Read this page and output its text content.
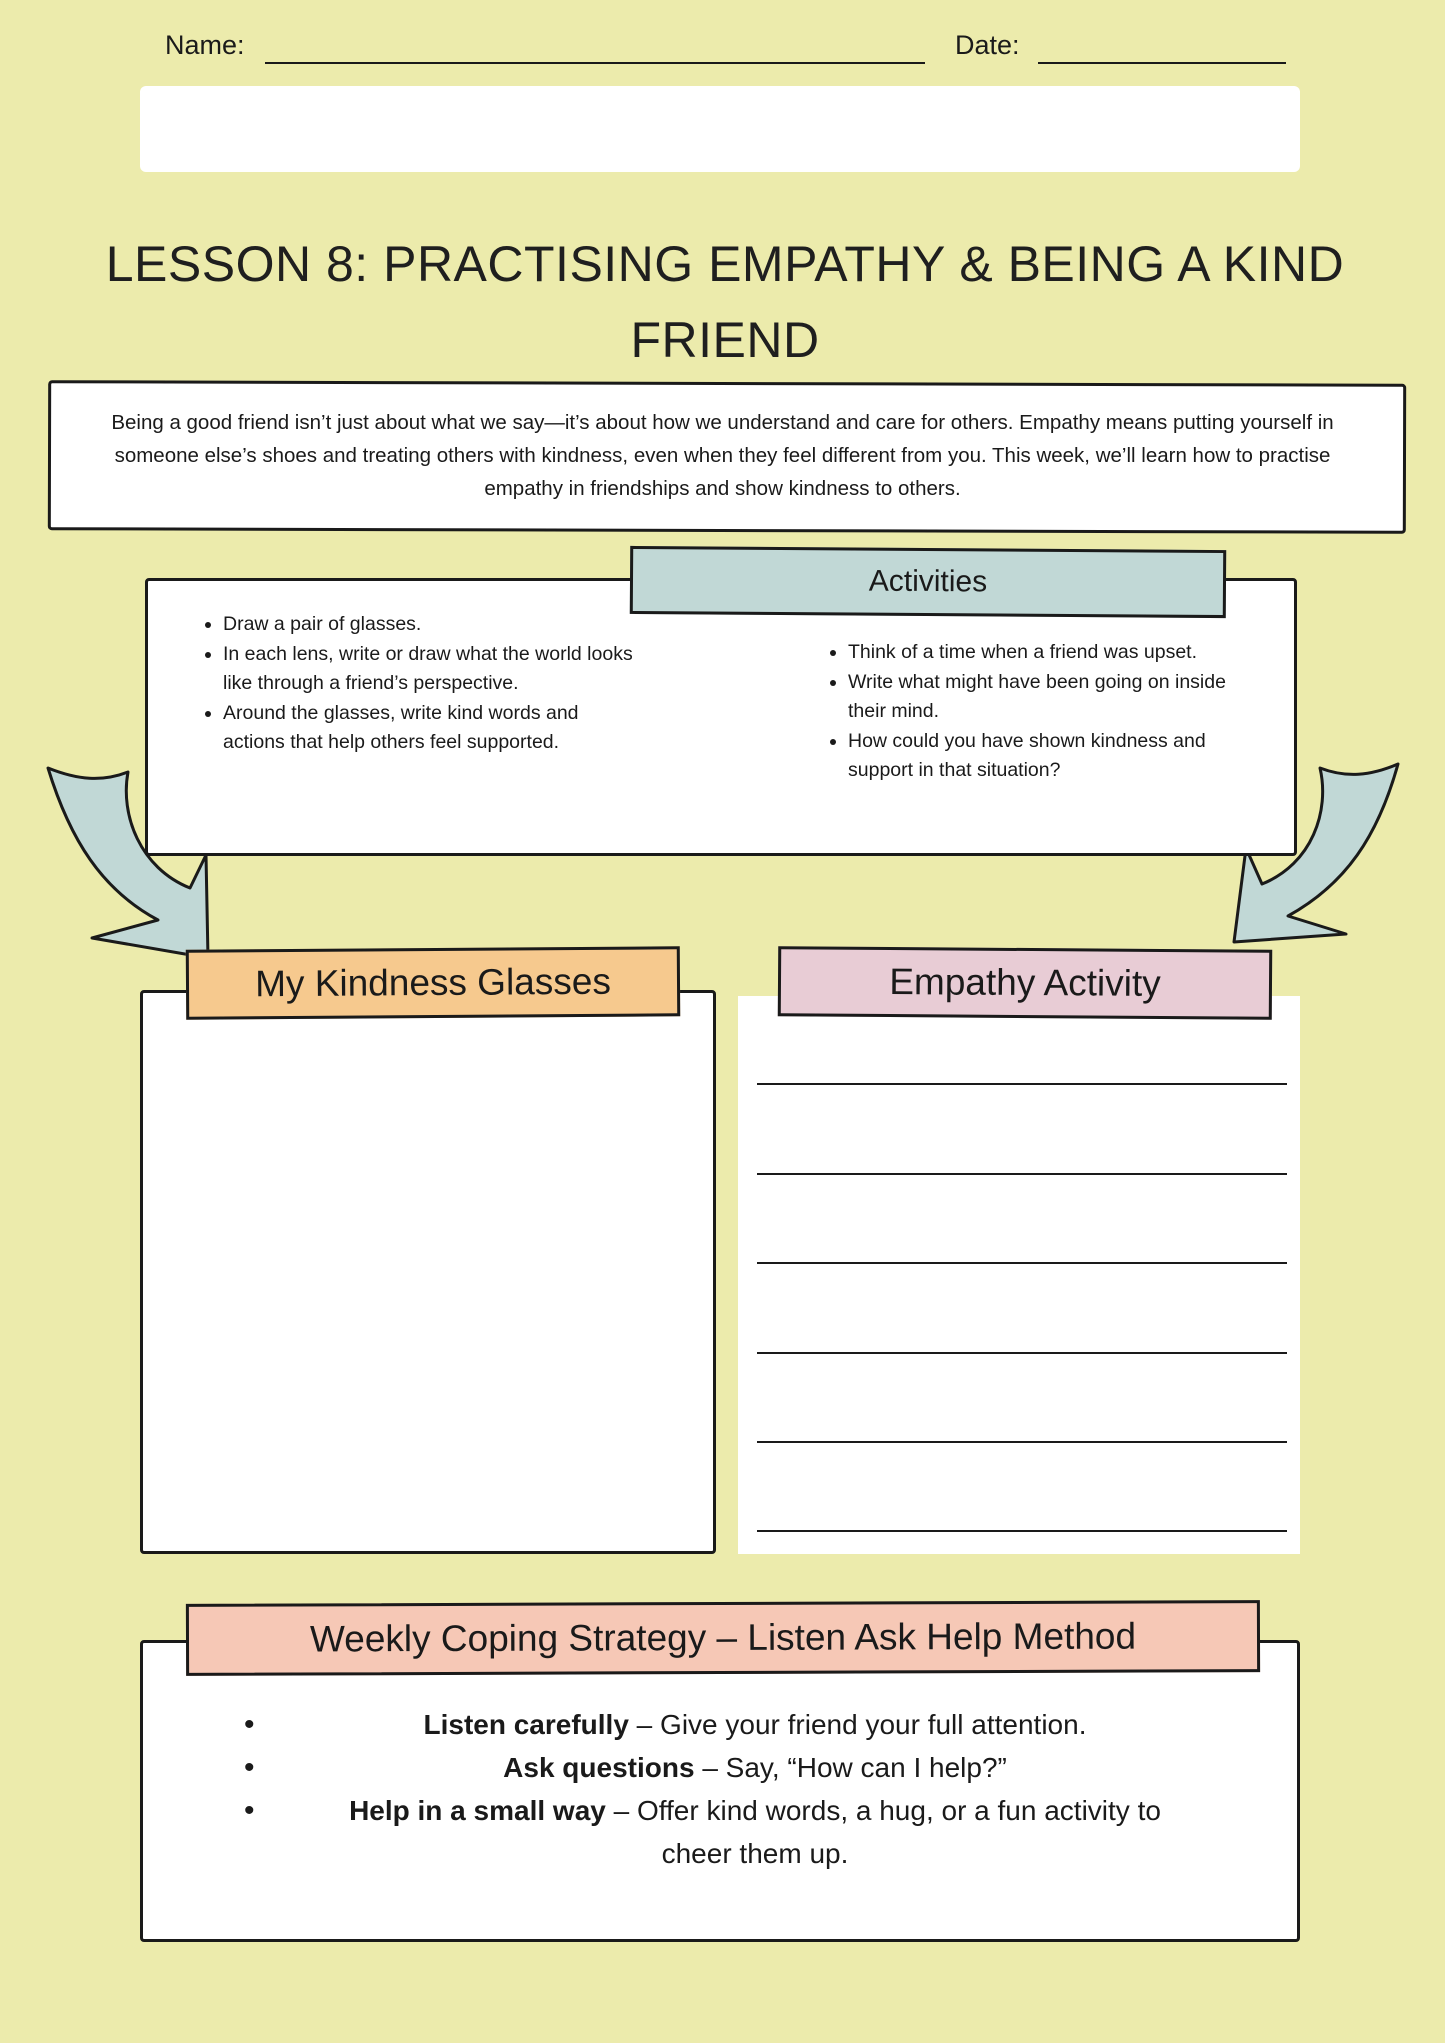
Name:	Date:
LESSON 8: PRACTISING EMPATHY & BEING A KIND
FRIEND
Being a good friend isn’t just about what we say—it’s about how we understand and care for others. Empathy means putting yourself in someone else’s shoes and treating others with kindness, even when they feel different from you. This week, we’ll learn how to practise empathy in friendships and show kindness to others.
Activities
• Draw a pair of glasses.
• In each lens, write or draw what the world looks like through a friend’s perspective.
• Around the glasses, write kind words and actions that help others feel supported.
• Think of a time when a friend was upset.
• Write what might have been going on inside their mind.
• How could you have shown kindness and support in that situation?
My Kindness Glasses	Empathy Activity
Weekly Coping Strategy – Listen Ask Help Method
•
•
•
Listen carefully – Give your friend your full attention.
Ask questions – Say, “How can I help?”
Help in a small way – Offer kind words, a hug, or a fun activity to
cheer them up.
